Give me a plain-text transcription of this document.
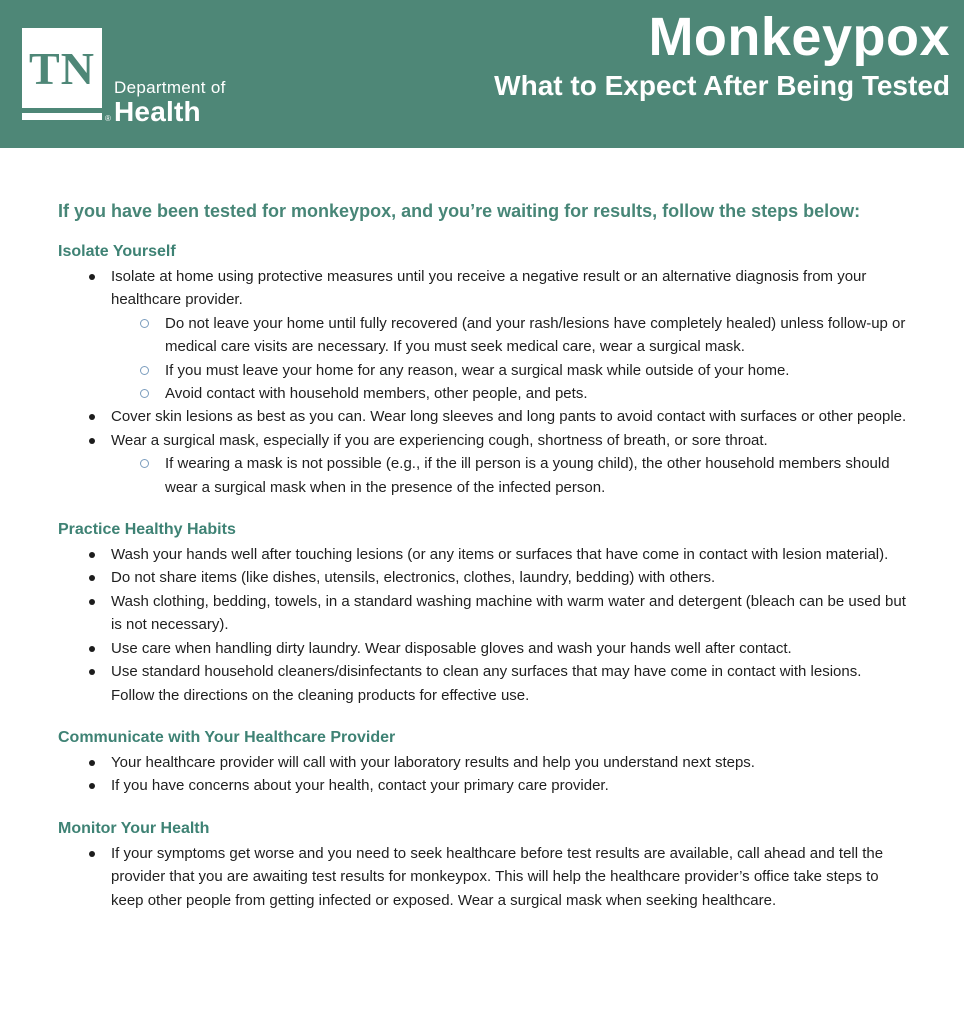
TN
®
Department of
Health
Monkeypox
What to Expect After Being Tested

If you have been tested for monkeypox, and you’re waiting for results, follow the steps below:

Isolate Yourself
Isolate at home using protective measures until you receive a negative result or an alternative diagnosis from your healthcare provider.
Do not leave your home until fully recovered (and your rash/lesions have completely healed) unless follow-up or medical care visits are necessary. If you must seek medical care, wear a surgical mask.
If you must leave your home for any reason, wear a surgical mask while outside of your home.
Avoid contact with household members, other people, and pets.
Cover skin lesions as best as you can. Wear long sleeves and long pants to avoid contact with surfaces or other people.
Wear a surgical mask, especially if you are experiencing cough, shortness of breath, or sore throat.
If wearing a mask is not possible (e.g., if the ill person is a young child), the other household members should wear a surgical mask when in the presence of the infected person.
Practice Healthy Habits
Wash your hands well after touching lesions (or any items or surfaces that have come in contact with lesion material).
Do not share items (like dishes, utensils, electronics, clothes, laundry, bedding) with others.
Wash clothing, bedding, towels, in a standard washing machine with warm water and detergent (bleach can be used but is not necessary).
Use care when handling dirty laundry. Wear disposable gloves and wash your hands well after contact.
Use standard household cleaners/disinfectants to clean any surfaces that may have come in contact with lesions. Follow the directions on the cleaning products for effective use.
Communicate with Your Healthcare Provider
Your healthcare provider will call with your laboratory results and help you understand next steps.
If you have concerns about your health, contact your primary care provider.
Monitor Your Health
If your symptoms get worse and you need to seek healthcare before test results are available, call ahead and tell the provider that you are awaiting test results for monkeypox. This will help the healthcare provider’s office take steps to keep other people from getting infected or exposed. Wear a surgical mask when seeking healthcare.
